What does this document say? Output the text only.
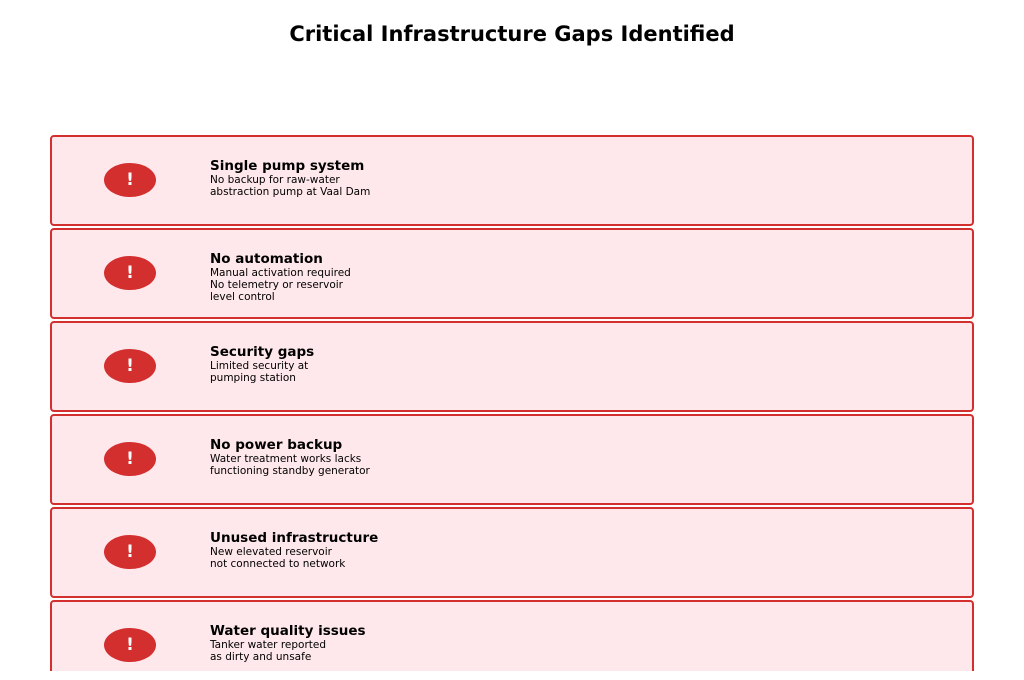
Critical Infrastructure Gaps Identified
!
Single pump system
No backup for raw-water
abstraction pump at Vaal Dam
!
No automation
Manual activation required
No telemetry or reservoir
level control
!
Security gaps
Limited security at
pumping station
!
No power backup
Water treatment works lacks
functioning standby generator
!
Unused infrastructure
New elevated reservoir
not connected to network
!
Water quality issues
Tanker water reported
as dirty and unsafe
